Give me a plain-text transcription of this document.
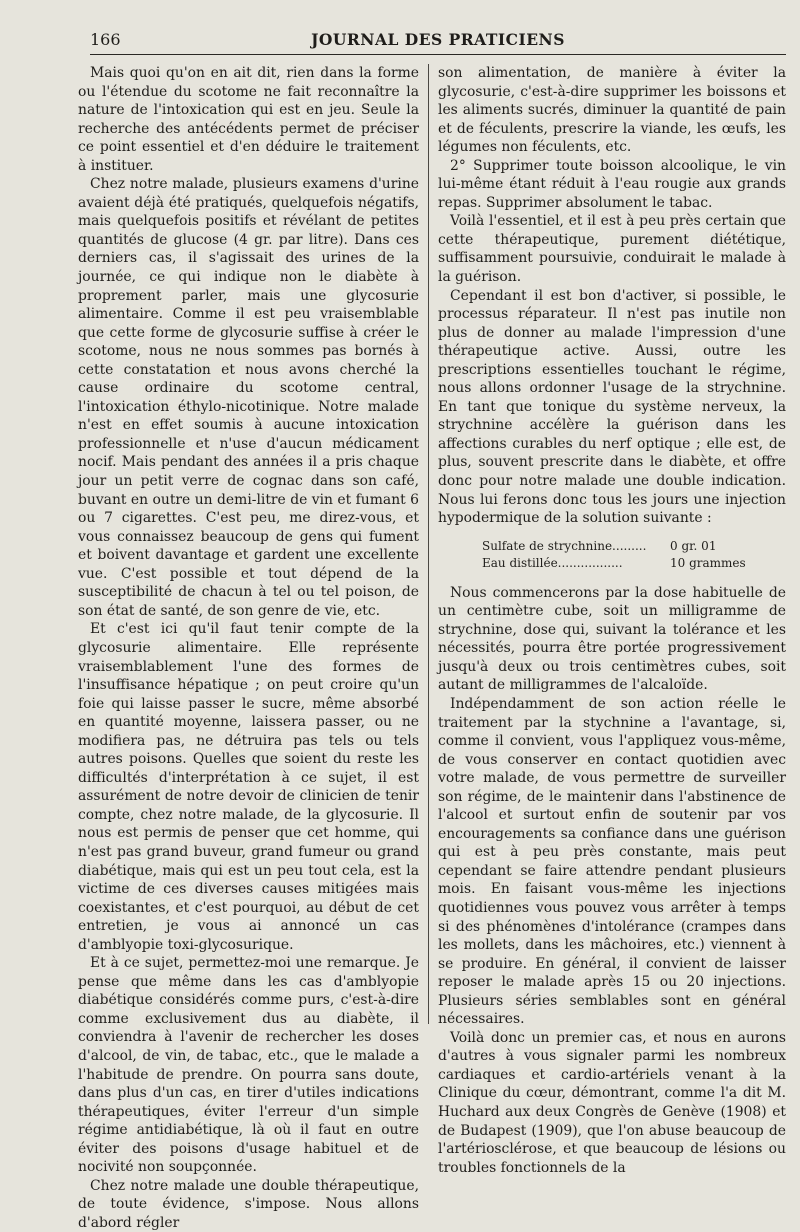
166	JOURNAL DES PRATICIENS

Mais quoi qu'on en ait dit, rien dans la forme ou l'étendue du scotome ne fait reconnaître la nature de l'intoxication qui est en jeu. Seule la recherche des antécédents permet de préciser ce point essentiel et d'en déduire le traitement à instituer.

Chez notre malade, plusieurs examens d'urine avaient déjà été pratiqués, quelquefois négatifs, mais quelquefois positifs et révélant de petites quantités de glucose (4 gr. par litre). Dans ces derniers cas, il s'agissait des urines de la journée, ce qui indique non le diabète à proprement parler, mais une glycosurie alimentaire. Comme il est peu vraisemblable que cette forme de glycosurie suffise à créer le scotome, nous ne nous sommes pas bornés à cette constatation et nous avons cherché la cause ordinaire du scotome central, l'intoxication éthylo-nicotinique. Notre malade n'est en effet soumis à aucune intoxication professionnelle et n'use d'aucun médicament nocif. Mais pendant des années il a pris chaque jour un petit verre de cognac dans son café, buvant en outre un demi-litre de vin et fumant 6 ou 7 cigarettes. C'est peu, me direz-vous, et vous connaissez beaucoup de gens qui fument et boivent davantage et gardent une excellente vue. C'est possible et tout dépend de la susceptibilité de chacun à tel ou tel poison, de son état de santé, de son genre de vie, etc.

Et c'est ici qu'il faut tenir compte de la glycosurie alimentaire. Elle représente vraisemblablement l'une des formes de l'insuffisance hépatique ; on peut croire qu'un foie qui laisse passer le sucre, même absorbé en quantité moyenne, laissera passer, ou ne modifiera pas, ne détruira pas tels ou tels autres poisons. Quelles que soient du reste les difficultés d'interprétation à ce sujet, il est assurément de notre devoir de clinicien de tenir compte, chez notre malade, de la glycosurie. Il nous est permis de penser que cet homme, qui n'est pas grand buveur, grand fumeur ou grand diabétique, mais qui est un peu tout cela, est la victime de ces diverses causes mitigées mais coexistantes, et c'est pourquoi, au début de cet entretien, je vous ai annoncé un cas d'amblyopie toxi-glycosurique.

Et à ce sujet, permettez-moi une remarque. Je pense que même dans les cas d'amblyopie diabétique considérés comme purs, c'est-à-dire comme exclusivement dus au diabète, il conviendra à l'avenir de rechercher les doses d'alcool, de vin, de tabac, etc., que le malade a l'habitude de prendre. On pourra sans doute, dans plus d'un cas, en tirer d'utiles indications thérapeutiques, éviter l'erreur d'un simple régime antidiabétique, là où il faut en outre éviter des poisons d'usage habituel et de nocivité non soupçonnée.

Chez notre malade une double thérapeutique, de toute évidence, s'impose. Nous allons d'abord régler

son alimentation, de manière à éviter la glycosurie, c'est-à-dire supprimer les boissons et les aliments sucrés, diminuer la quantité de pain et de féculents, prescrire la viande, les œufs, les légumes non féculents, etc.

2° Supprimer toute boisson alcoolique, le vin lui-même étant réduit à l'eau rougie aux grands repas. Supprimer absolument le tabac.

Voilà l'essentiel, et il est à peu près certain que cette thérapeutique, purement diététique, suffisamment poursuivie, conduirait le malade à la guérison.

Cependant il est bon d'activer, si possible, le processus réparateur. Il n'est pas inutile non plus de donner au malade l'impression d'une thérapeutique active. Aussi, outre les prescriptions essentielles touchant le régime, nous allons ordonner l'usage de la strychnine. En tant que tonique du système nerveux, la strychnine accélère la guérison dans les affections curables du nerf optique ; elle est, de plus, souvent prescrite dans le diabète, et offre donc pour notre malade une double indication. Nous lui ferons donc tous les jours une injection hypodermique de la solution suivante :

Sulfate de strychnine.........	0 gr. 01
Eau distillée.................	10 grammes

Nous commencerons par la dose habituelle de un centimètre cube, soit un milligramme de strychnine, dose qui, suivant la tolérance et les nécessités, pourra être portée progressivement jusqu'à deux ou trois centimètres cubes, soit autant de milligrammes de l'alcaloïde.

Indépendamment de son action réelle le traitement par la stychnine a l'avantage, si, comme il convient, vous l'appliquez vous-même, de vous conserver en contact quotidien avec votre malade, de vous permettre de surveiller son régime, de le maintenir dans l'abstinence de l'alcool et surtout enfin de soutenir par vos encouragements sa confiance dans une guérison qui est à peu près constante, mais peut cependant se faire attendre pendant plusieurs mois. En faisant vous-même les injections quotidiennes vous pouvez vous arrêter à temps si des phénomènes d'intolérance (crampes dans les mollets, dans les mâchoires, etc.) viennent à se produire. En général, il convient de laisser reposer le malade après 15 ou 20 injections. Plusieurs séries semblables sont en général nécessaires.

Voilà donc un premier cas, et nous en aurons d'autres à vous signaler parmi les nombreux cardiaques et cardio-artériels venant à la Clinique du cœur, démontrant, comme l'a dit M. Huchard aux deux Congrès de Genève (1908) et de Budapest (1909), que l'on abuse beaucoup de l'artériosclérose, et que beaucoup de lésions ou troubles fonctionnels de la
